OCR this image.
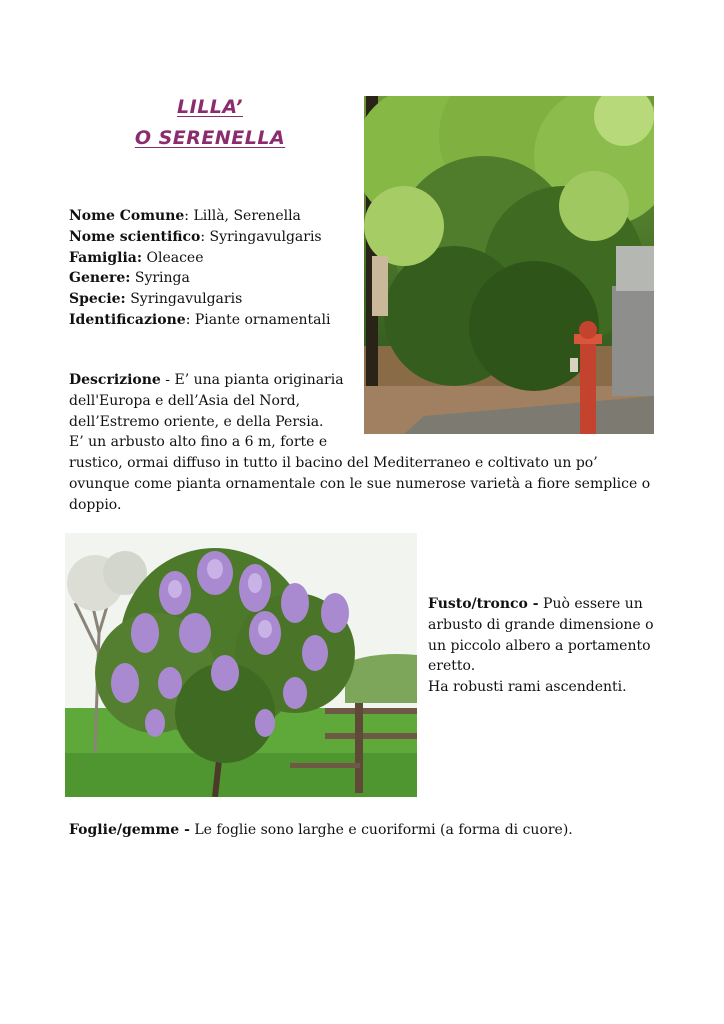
LILLA’
O SERENELLA
Nome Comune: Lillà, Serenella
Nome scientifico: Syringavulgaris
Famiglia: Oleacee
Genere: Syringa
Specie: Syringavulgaris
Identificazione: Piante ornamentali
Descrizione - E’ una pianta originaria
dell'Europa e dell’Asia del Nord,
dell’Estremo oriente, e della Persia.
E’ un arbusto alto fino a 6 m, forte e
rustico, ormai diffuso in tutto il bacino del Mediterraneo e coltivato un po’
ovunque come pianta ornamentale con le sue numerose varietà a fiore semplice o
doppio.
Fusto/tronco - Può essere un
arbusto di grande dimensione o
un piccolo albero a portamento
eretto.
Ha robusti rami ascendenti.
Foglie/gemme - Le foglie sono larghe e cuoriformi (a forma di cuore).
